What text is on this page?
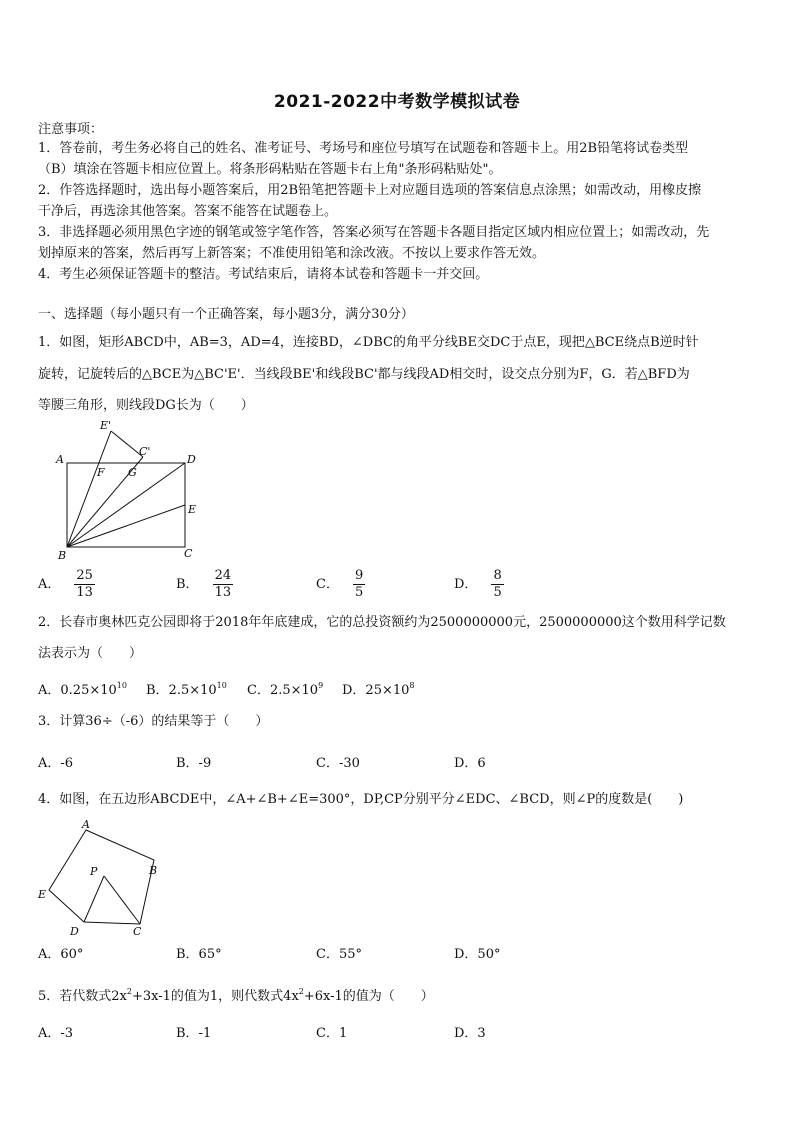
2021-2022中考数学模拟试卷
注意事项：
1．答卷前，考生务必将自己的姓名、准考证号、考场号和座位号填写在试题卷和答题卡上。用2B铅笔将试卷类型
（B）填涂在答题卡相应位置上。将条形码粘贴在答题卡右上角"条形码粘贴处"。
2．作答选择题时，选出每小题答案后，用2B铅笔把答题卡上对应题目选项的答案信息点涂黑；如需改动，用橡皮擦
干净后，再选涂其他答案。答案不能答在试题卷上。
3．非选择题必须用黑色字迹的钢笔或签字笔作答，答案必须写在答题卡各题目指定区域内相应位置上；如需改动，先
划掉原来的答案，然后再写上新答案；不准使用铅笔和涂改液。不按以上要求作答无效。
4．考生必须保证答题卡的整洁。考试结束后，请将本试卷和答题卡一并交回。
一、选择题（每小题只有一个正确答案，每小题3分，满分30分）
1．如图，矩形ABCD中，AB=3，AD=4，连接BD，∠DBC的角平分线BE交DC于点E，现把△BCE绕点B逆时针
旋转，记旋转后的△BCE为△BC'E'．当线段BE'和线段BC'都与线段AD相交时，设交点分别为F，G．若△BFD为
等腰三角形，则线段DG长为（　　）
A
B	C
D
E
F G
E'
C'
A． $\frac{25}{13}$	B． $\frac{24}{13}$	C． $\frac{9}{5}$	D． $\frac{8}{5}$
2．长春市奥林匹克公园即将于2018年年底建成，它的总投资额约为2500000000元，2500000000这个数用科学记数
法表示为（　　）
A．$0.25\times 10^{10}$ B．$2.5\times 10^{10}$ C．$2.5\times 10^9$ D．$25\times 10^8$
3．计算36÷（-6）的结果等于（　　）
A．-6	B．-9	C．-30	D．6
4．如图，在五边形ABCDE中，∠A+∠B+∠E=300°，DP,CP分别平分∠EDC、∠BCD，则∠P的度数是(　　)
A
B
C
D
E
P
A．60°	B．65°	C．55°	D．50°
5．若代数式$2x^2+3x-1$的值为1，则代数式$4x^2+6x-1$的值为（　　）
A．-3	B．-1	C．1	D．3
